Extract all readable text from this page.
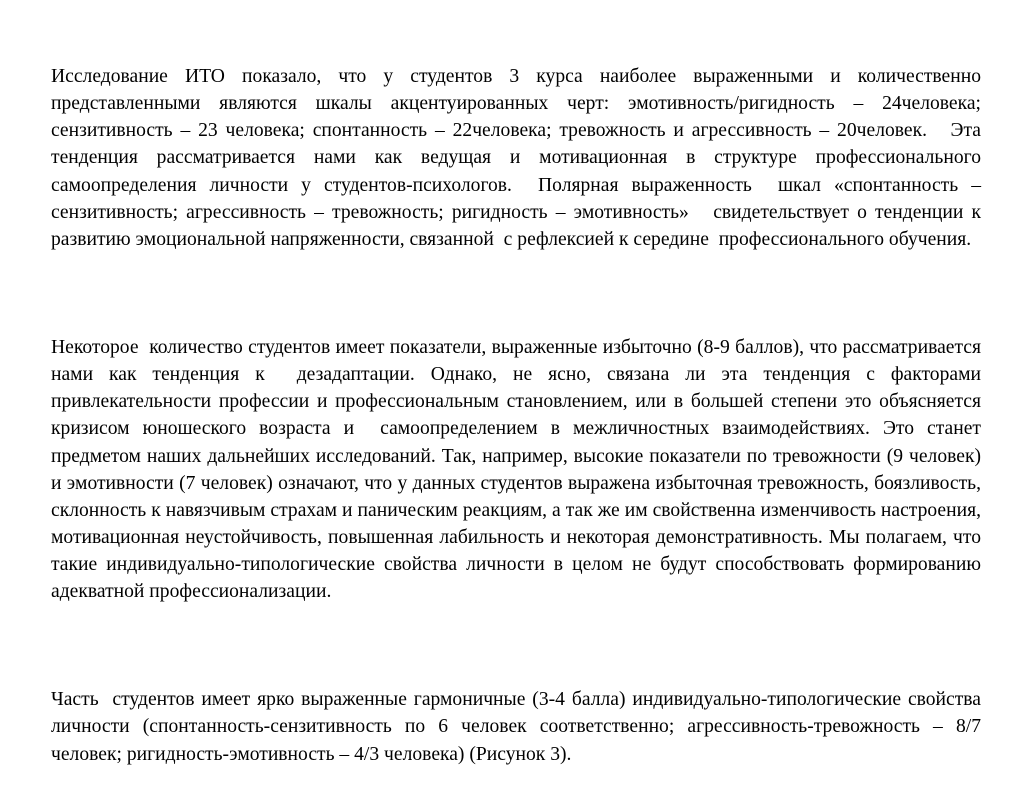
Исследование ИТО показало, что у студентов 3 курса наиболее выраженными и количественно представленными являются шкалы акцентуированных черт: эмотивность/ригидность – 24человека; сензитивность – 23 человека; спонтанность – 22человека; тревожность и агрессивность – 20человек.   Эта тенденция рассматривается нами как ведущая и мотивационная в структуре профессионального самоопределения личности у студентов-психологов.  Полярная выраженность  шкал «спонтанность – сензитивность; агрессивность – тревожность; ригидность – эмотивность»   свидетельствует о тенденции к развитию эмоциональной напряженности, связанной  с рефлексией к середине  профессионального обучения.

Некоторое  количество студентов имеет показатели, выраженные избыточно (8-9 баллов), что рассматривается нами как тенденция к  дезадаптации. Однако, не ясно, связана ли эта тенденция с факторами привлекательности профессии и профессиональным становлением, или в большей степени это объясняется кризисом юношеского возраста и  самоопределением в межличностных взаимодействиях. Это станет предметом наших дальнейших исследований. Так, например, высокие показатели по тревожности (9 человек) и эмотивности (7 человек) означают, что у данных студентов выражена избыточная тревожность, боязливость, склонность к навязчивым страхам и паническим реакциям, а так же им свойственна изменчивость настроения, мотивационная неустойчивость, повышенная лабильность и некоторая демонстративность. Мы полагаем, что такие индивидуально-типологические свойства личности в целом не будут способствовать формированию адекватной профессионализации.

Часть  студентов имеет ярко выраженные гармоничные (3-4 балла) индивидуально-типологические свойства личности (спонтанность-сензитивность по 6 человек соответственно; агрессивность-тревожность – 8/7 человек; ригидность-эмотивность – 4/3 человека) (Рисунок 3).
